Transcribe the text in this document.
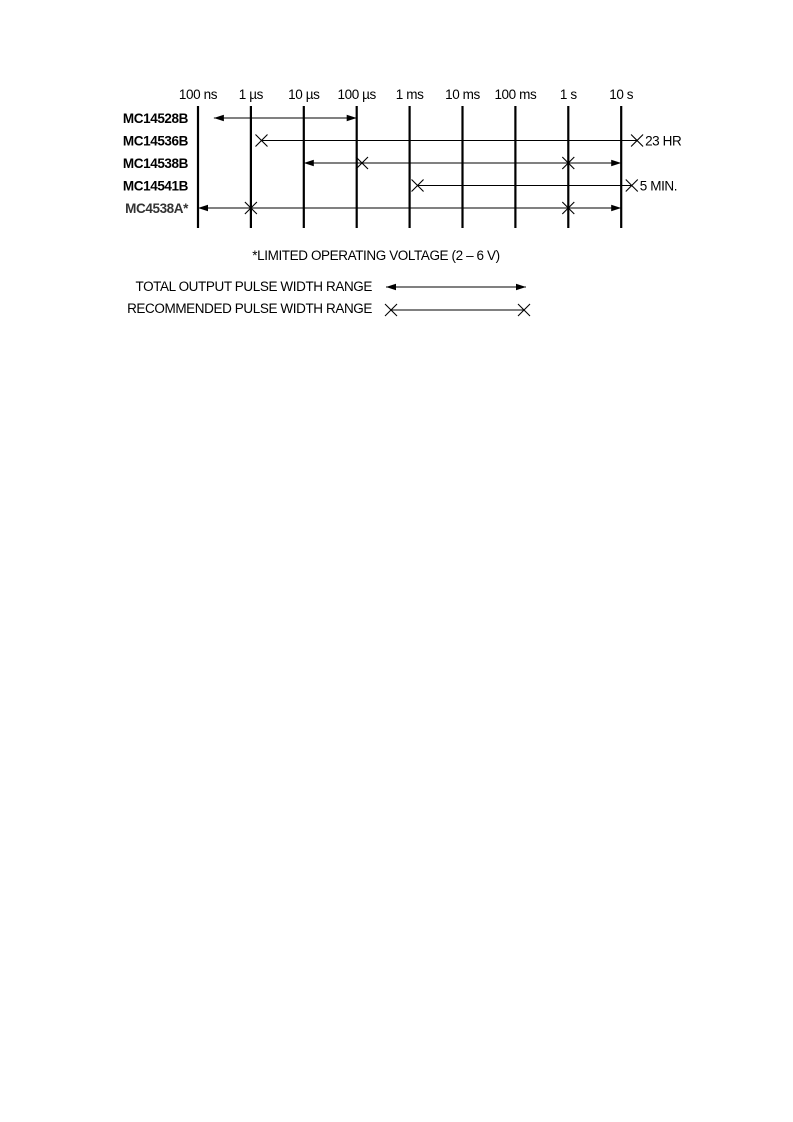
100 ns 1 µs 10 µs 100 µs 1 ms 10 ms 100 ms 1 s 10 s
MC14528B
MC14536B	23 HR
MC14538B
MC14541B	5 MIN.
MC4538A*
*LIMITED OPERATING VOLTAGE (2 – 6 V)
TOTAL OUTPUT PULSE WIDTH RANGE
RECOMMENDED PULSE WIDTH RANGE
